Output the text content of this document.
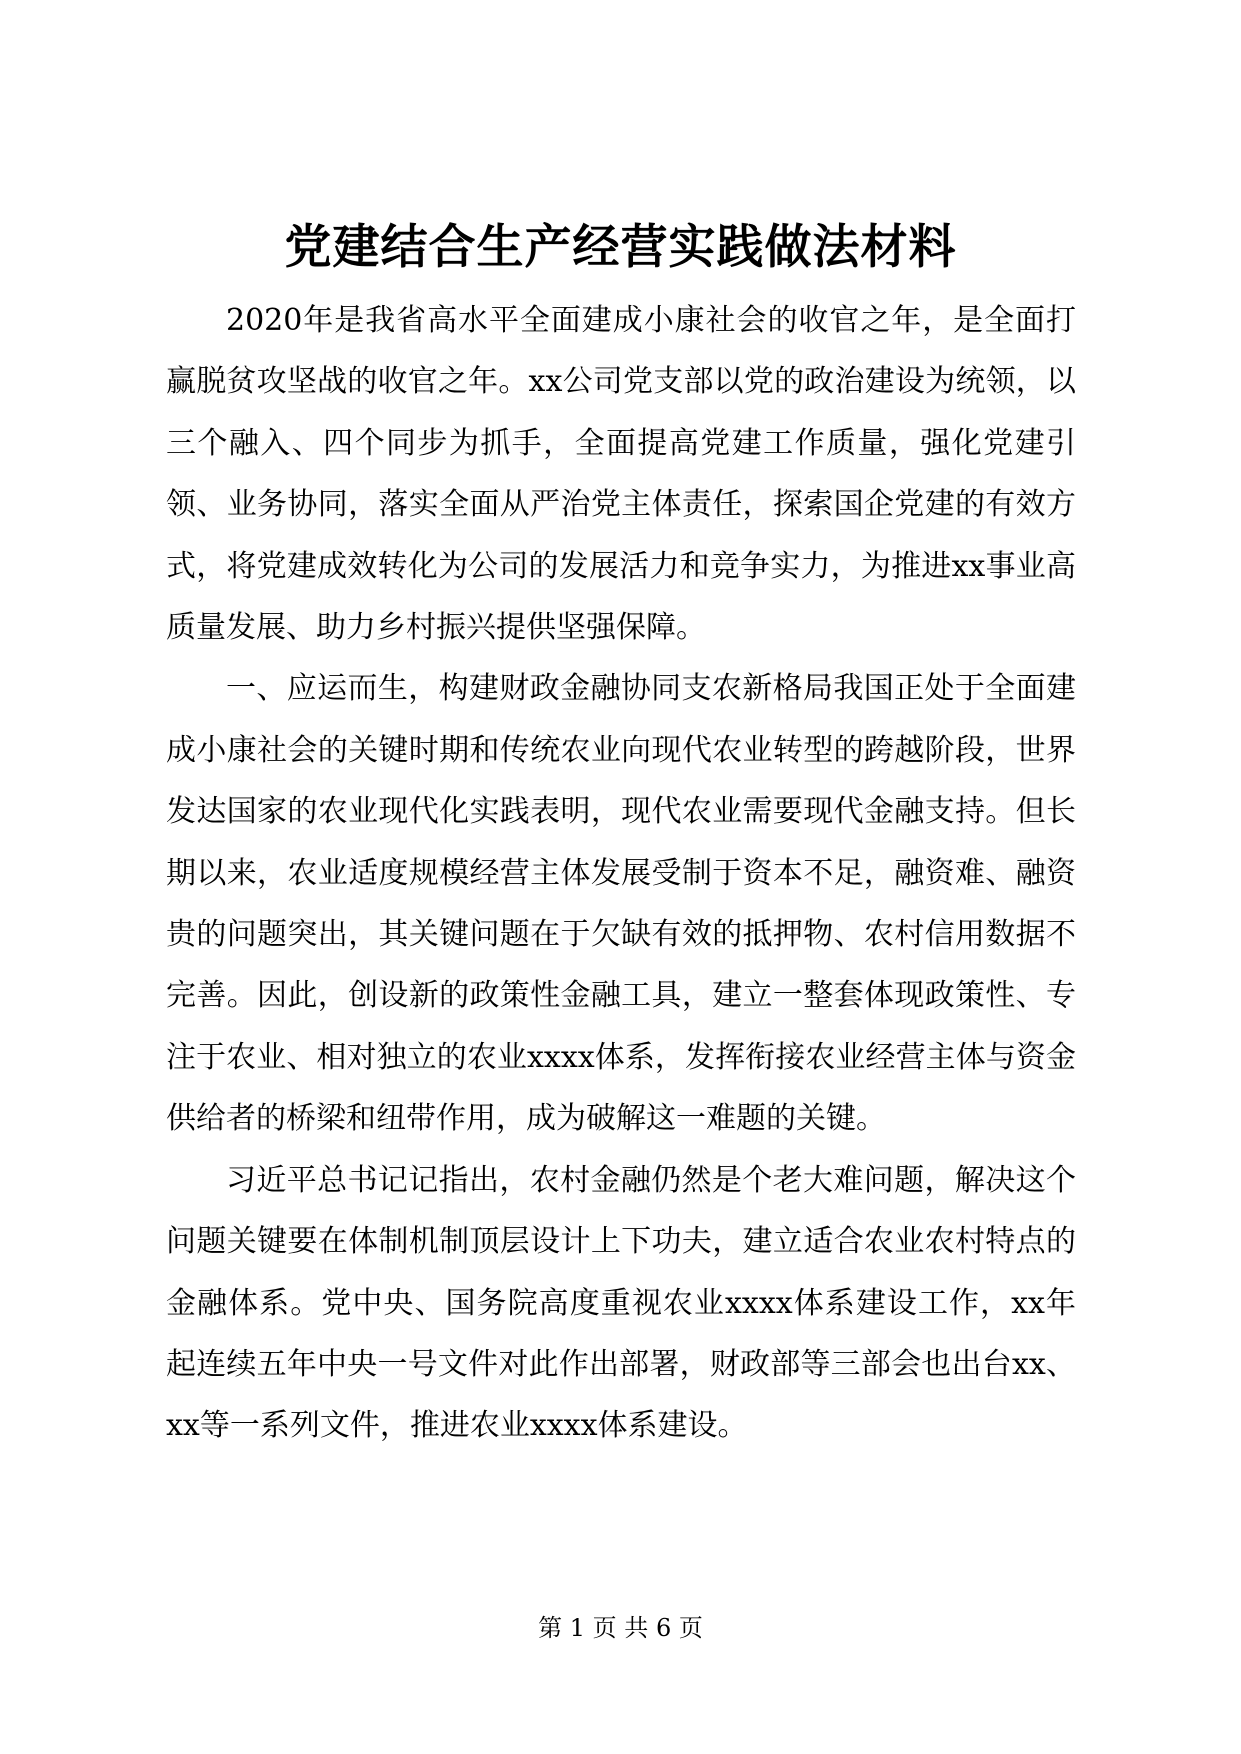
党建结合生产经营实践做法材料

2020年是我省高水平全面建成小康社会的收官之年，是全面打赢脱贫攻坚战的收官之年。xx公司党支部以党的政治建设为统领，以三个融入、四个同步为抓手，全面提高党建工作质量，强化党建引领、业务协同，落实全面从严治党主体责任，探索国企党建的有效方式，将党建成效转化为公司的发展活力和竞争实力，为推进xx事业高质量发展、助力乡村振兴提供坚强保障。

一、应运而生，构建财政金融协同支农新格局我国正处于全面建成小康社会的关键时期和传统农业向现代农业转型的跨越阶段，世界发达国家的农业现代化实践表明，现代农业需要现代金融支持。但长期以来，农业适度规模经营主体发展受制于资本不足，融资难、融资贵的问题突出，其关键问题在于欠缺有效的抵押物、农村信用数据不完善。因此，创设新的政策性金融工具，建立一整套体现政策性、专注于农业、相对独立的农业xxxx体系，发挥衔接农业经营主体与资金供给者的桥梁和纽带作用，成为破解这一难题的关键。

习近平总书记记指出，农村金融仍然是个老大难问题，解决这个问题关键要在体制机制顶层设计上下功夫，建立适合农业农村特点的金融体系。党中央、国务院高度重视农业xxxx体系建设工作，xx年起连续五年中央一号文件对此作出部署，财政部等三部会也出台xx、xx等一系列文件，推进农业xxxx体系建设。

第 1 页 共 6 页
